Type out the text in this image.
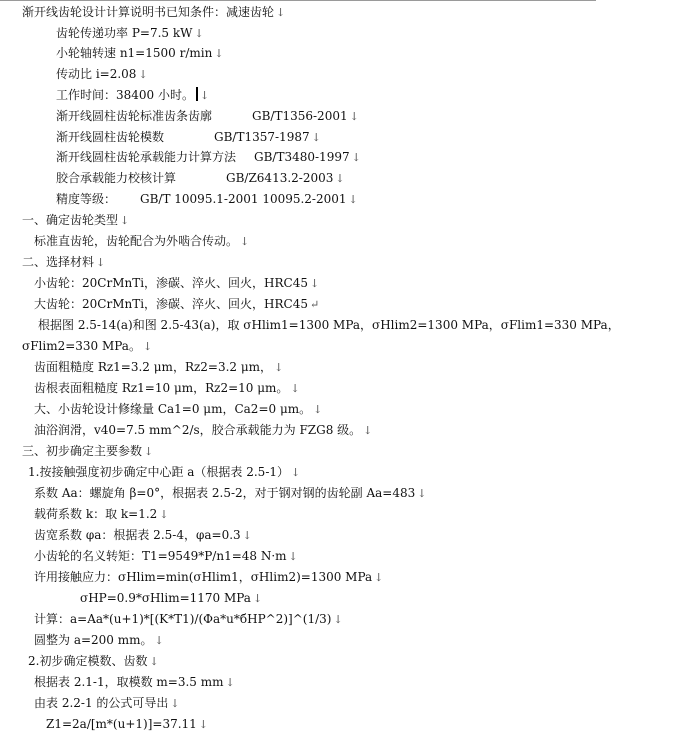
渐开线齿轮设计计算说明书已知条件：减速齿轮 ↓
齿轮传递功率 P=7.5 kW ↓
小轮轴转速 n1=1500 r/min ↓
传动比 i=2.08 ↓
工作时间：38400 小时。 ↓
渐开线圆柱齿轮标准齿条齿廓	GB/T1356-2001 ↓
渐开线圆柱齿轮模数	GB/T1357-1987 ↓
渐开线圆柱齿轮承载能力计算方法 GB/T3480-1997 ↓
胶合承载能力校核计算	GB/Z6413.2-2003 ↓
精度等级： GB/T 10095.1-2001 10095.2-2001 ↓
一、确定齿轮类型 ↓
标准直齿轮，齿轮配合为外啮合传动。 ↓
二、选择材料 ↓
小齿轮：20CrMnTi，渗碳、淬火、回火，HRC45 ↓
大齿轮：20CrMnTi，渗碳、淬火、回火，HRC45 ↵
根据图 2.5-14(a)和图 2.5-43(a)，取 σHlim1=1300 MPa，σHlim2=1300 MPa，σFlim1=330 MPa，
σFlim2=330 MPa。 ↓
齿面粗糙度 Rz1=3.2 μm，Rz2=3.2 μm， ↓
齿根表面粗糙度 Rz1=10 μm，Rz2=10 μm。 ↓
大、小齿轮设计修缘量 Ca1=0 μm，Ca2=0 μm。 ↓
油浴润滑，v40=7.5 mm^2/s，胶合承载能力为 FZG8 级。 ↓
三、初步确定主要参数 ↓
1.按接触强度初步确定中心距 a（根据表 2.5-1） ↓
系数 Aa：螺旋角 β=0°，根据表 2.5-2，对于钢对钢的齿轮副 Aa=483 ↓
载荷系数 k：取 k=1.2 ↓
齿宽系数 φa：根据表 2.5-4，φa=0.3 ↓
小齿轮的名义转矩：T1=9549*P/n1=48 N·m ↓
许用接触应力：σHlim=min(σHlim1，σHlim2)=1300 MPa ↓
σHP=0.9*σHlim=1170 MPa ↓
计算：a=Aa*(u+1)*[(K*T1)/(Φa*u*бHP^2)]^(1/3) ↓
圆整为 a=200 mm。 ↓
2.初步确定模数、齿数 ↓
根据表 2.1-1，取模数 m=3.5 mm ↓
由表 2.2-1 的公式可导出 ↓
Z1=2a/[m*(u+1)]=37.11 ↓
